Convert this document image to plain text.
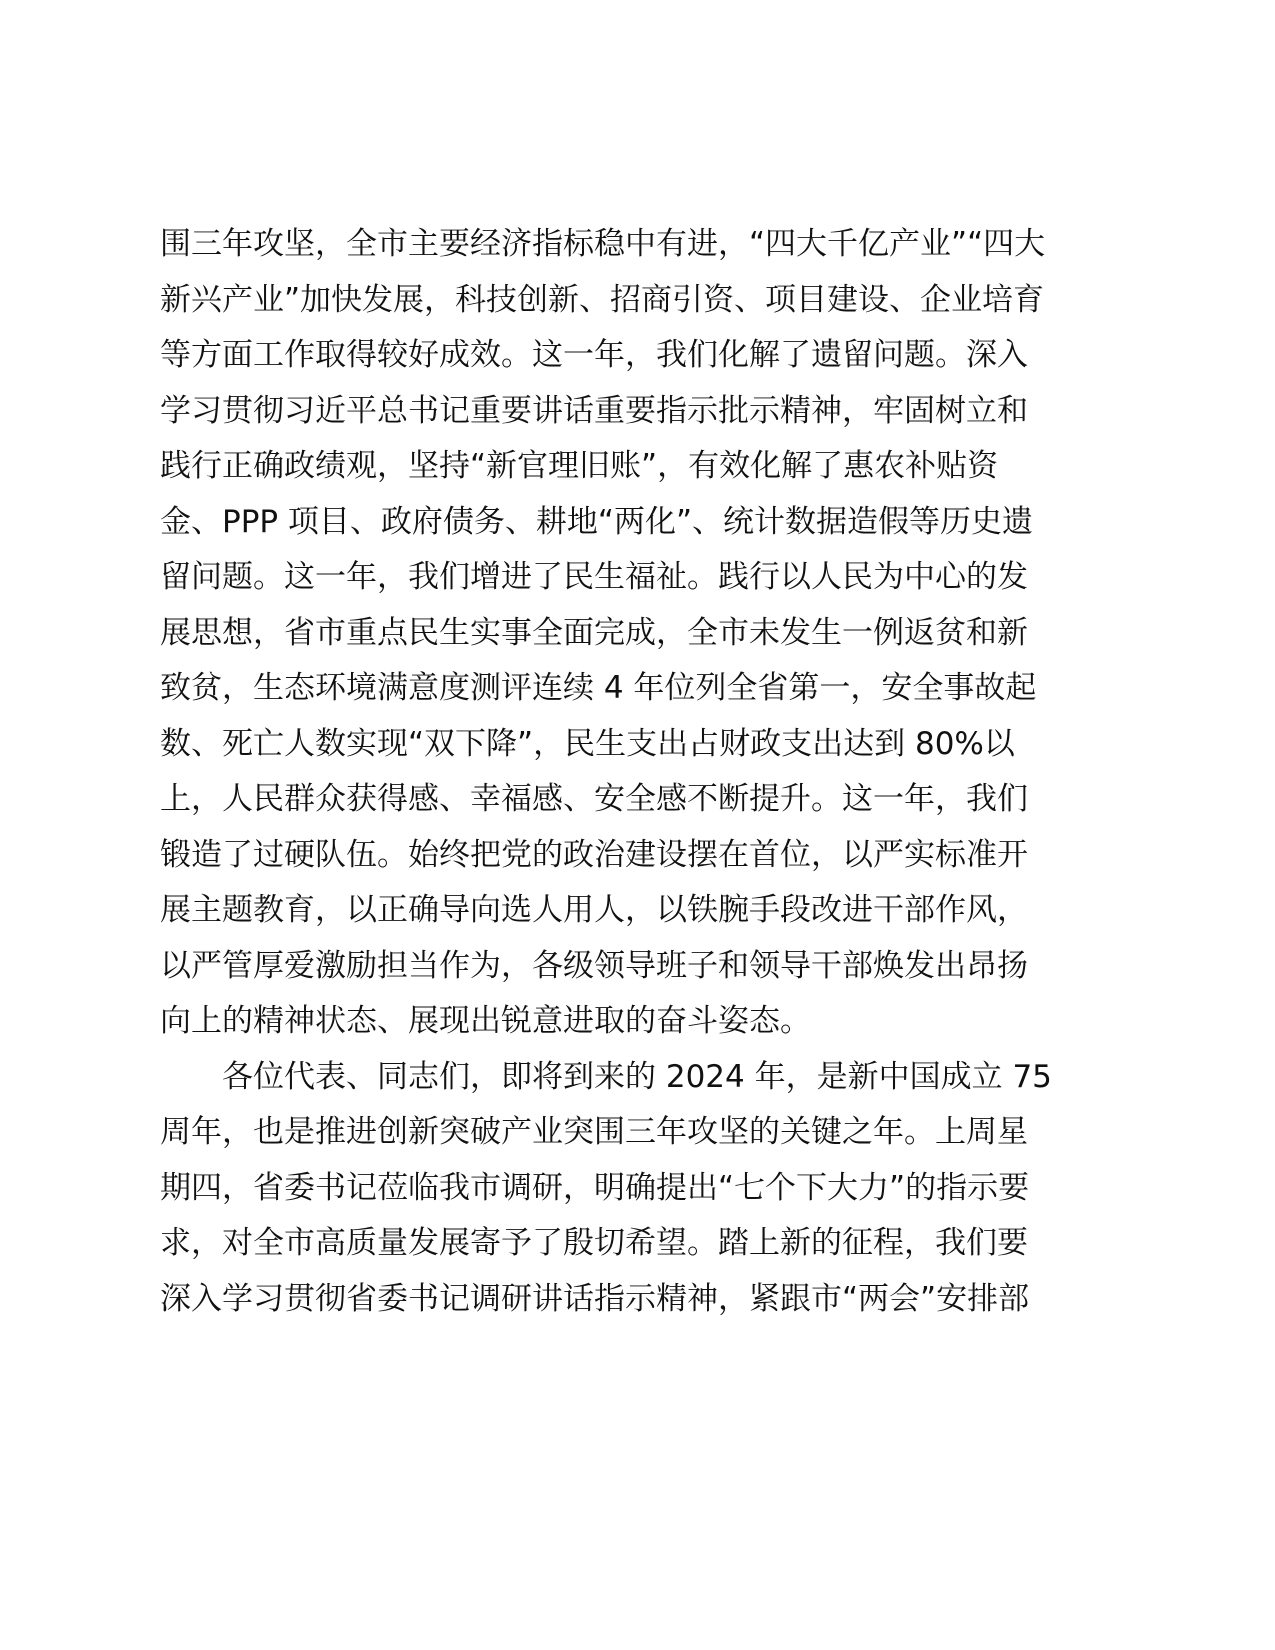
围三年攻坚，全市主要经济指标稳中有进，“四大千亿产业”“四大
新兴产业”加快发展，科技创新、招商引资、项目建设、企业培育
等方面工作取得较好成效。这一年，我们化解了遗留问题。深入
学习贯彻习近平总书记重要讲话重要指示批示精神，牢固树立和
践行正确政绩观，坚持“新官理旧账”，有效化解了惠农补贴资
金、PPP 项目、政府债务、耕地“两化”、统计数据造假等历史遗
留问题。这一年，我们增进了民生福祉。践行以人民为中心的发
展思想，省市重点民生实事全面完成，全市未发生一例返贫和新
致贫，生态环境满意度测评连续 4 年位列全省第一，安全事故起
数、死亡人数实现“双下降”，民生支出占财政支出达到 80%以
上，人民群众获得感、幸福感、安全感不断提升。这一年，我们
锻造了过硬队伍。始终把党的政治建设摆在首位，以严实标准开
展主题教育，以正确导向选人用人，以铁腕手段改进干部作风，
以严管厚爱激励担当作为，各级领导班子和领导干部焕发出昂扬
向上的精神状态、展现出锐意进取的奋斗姿态。
各位代表、同志们，即将到来的 2024 年，是新中国成立 75
周年，也是推进创新突破产业突围三年攻坚的关键之年。上周星
期四，省委书记莅临我市调研，明确提出“七个下大力”的指示要
求，对全市高质量发展寄予了殷切希望。踏上新的征程，我们要
深入学习贯彻省委书记调研讲话指示精神，紧跟市“两会”安排部
